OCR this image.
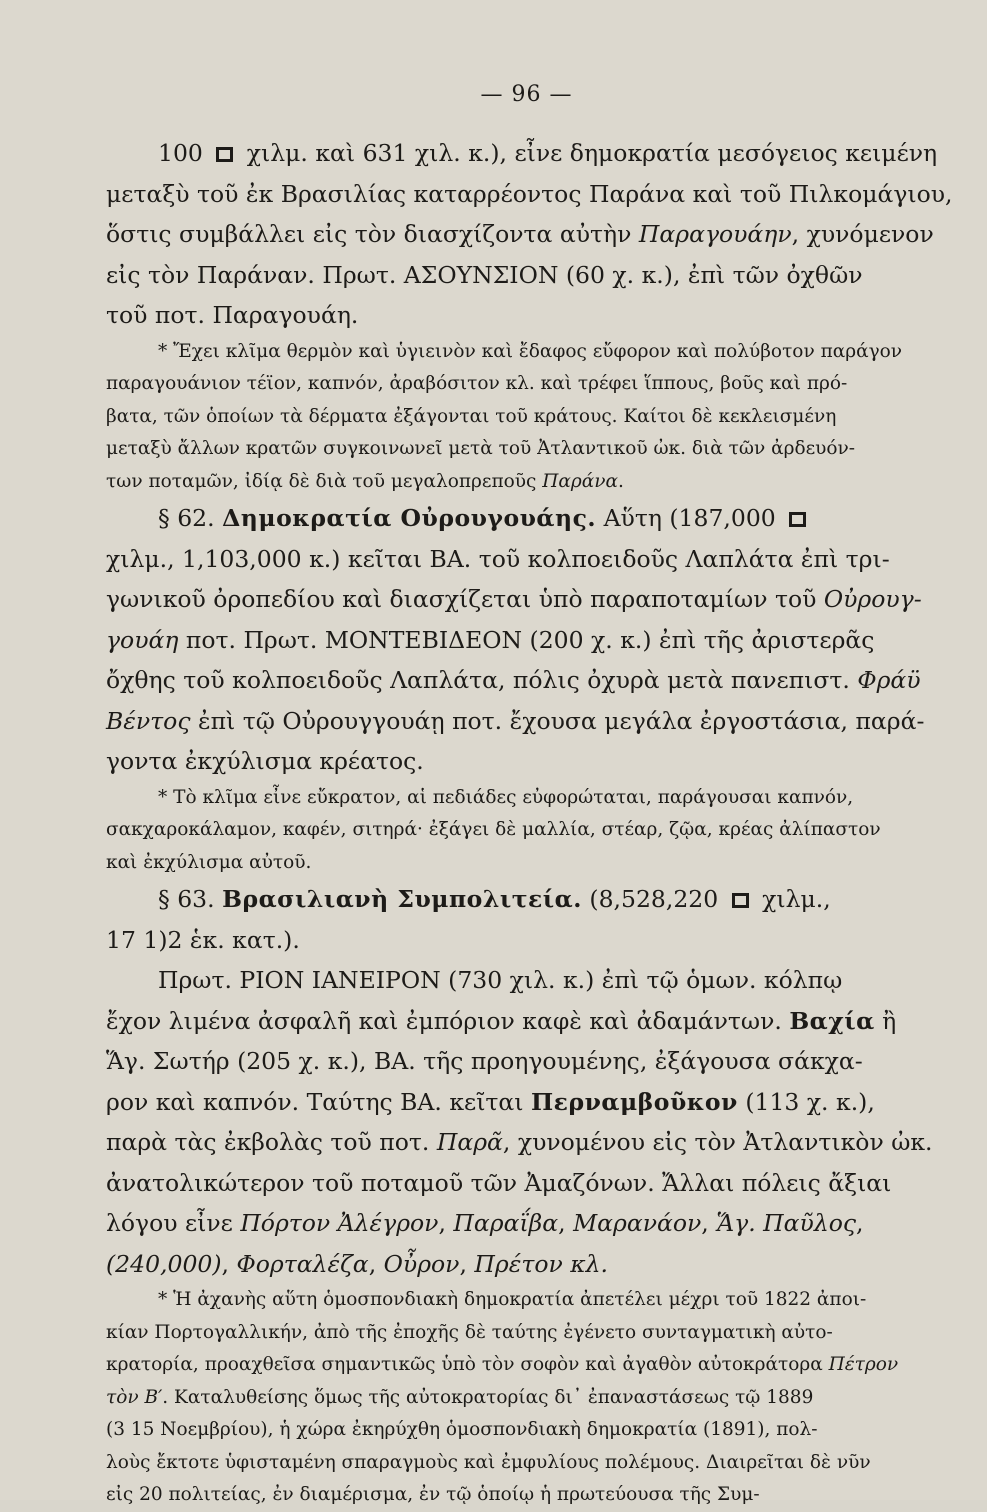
— 96 —
100  χιλμ. καὶ 631 χιλ. κ.), εἶνε δημοκρατία μεσόγειος κειμένη
μεταξὺ τοῦ ἐκ Βρασιλίας καταρρέοντος Παράνα καὶ τοῦ Πιλκομάγιου,
ὅστις συμβάλλει εἰς τὸν διασχίζοντα αὐτὴν Παραγουάην, χυνόμενον
εἰς τὸν Παράναν. Πρωτ. ΑΣΟΥΝΣΙΟΝ (60 χ. κ.), ἐπὶ τῶν ὀχθῶν
τοῦ ποτ. Παραγουάη.
* Ἔχει κλῖμα θερμὸν καὶ ὑγιεινὸν καὶ ἔδαφος εὔφορον καὶ πολύβοτον παράγον
παραγουάνιον τέϊον, καπνόν, ἀραβόσιτον κλ. καὶ τρέφει ἵππους, βοῦς καὶ πρό-
βατα, τῶν ὁποίων τὰ δέρματα ἐξάγονται τοῦ κράτους. Καίτοι δὲ κεκλεισμένη
μεταξὺ ἄλλων κρατῶν συγκοινωνεῖ μετὰ τοῦ Ἀτλαντικοῦ ὠκ. διὰ τῶν ἀρδευόν-
των ποταμῶν, ἰδίᾳ δὲ διὰ τοῦ μεγαλοπρεποῦς Παράνα.
§ 62. Δημοκρατία Οὐρουγουάης. Αὕτη (187,000
χιλμ., 1,103,000 κ.) κεῖται ΒΑ. τοῦ κολποειδοῦς Λαπλάτα ἐπὶ τρι-
γωνικοῦ ὀροπεδίου καὶ διασχίζεται ὑπὸ παραποταμίων τοῦ Οὐρουγ-
γουάη ποτ. Πρωτ. ΜΟΝΤΕΒΙΔΕΟΝ (200 χ. κ.) ἐπὶ τῆς ἀριστερᾶς
ὄχθης τοῦ κολποειδοῦς Λαπλάτα, πόλις ὀχυρὰ μετὰ πανεπιστ. Φράϋ
Βέντος ἐπὶ τῷ Οὐρουγγουάῃ ποτ. ἔχουσα μεγάλα ἐργοστάσια, παρά-
γοντα ἐκχύλισμα κρέατος.
* Τὸ κλῖμα εἶνε εὔκρατον, αἱ πεδιάδες εὐφορώταται, παράγουσαι καπνόν,
σακχαροκάλαμον, καφέν, σιτηρά· ἐξάγει δὲ μαλλία, στέαρ, ζῷα, κρέας ἀλίπαστον
καὶ ἐκχύλισμα αὐτοῦ.
§ 63. Βρασιλιανὴ Συμπολιτεία. (8,528,220  χιλμ.,
17 1)2 ἑκ. κατ.).
Πρωτ. ΡΙΟΝ ΙΑΝΕΙΡΟΝ (730 χιλ. κ.) ἐπὶ τῷ ὁμων. κόλπῳ
ἔχον λιμένα ἀσφαλῆ καὶ ἐμπόριον καφὲ καὶ ἀδαμάντων. Βαχία ἢ
Ἅγ. Σωτήρ (205 χ. κ.), ΒΑ. τῆς προηγουμένης, ἐξάγουσα σάκχα-
ρον καὶ καπνόν. Ταύτης ΒΑ. κεῖται Περναμβοῦκον (113 χ. κ.),
παρὰ τὰς ἐκβολὰς τοῦ ποτ. Παρᾶ, χυνομένου εἰς τὸν Ἀτλαντικὸν ὠκ.
ἀνατολικώτερον τοῦ ποταμοῦ τῶν Ἀμαζόνων. Ἄλλαι πόλεις ἄξιαι
λόγου εἶνε Πόρτον Ἀλέγρον, Παραΐβα, Μαρανάον, Ἅγ. Παῦλος,
(240,000), Φορταλέζα, Οὖρον, Πρέτον κλ.
* Ἡ ἀχανὴς αὕτη ὁμοσπονδιακὴ δημοκρατία ἀπετέλει μέχρι τοῦ 1822 ἀποι-
κίαν Πορτογαλλικήν, ἀπὸ τῆς ἐποχῆς δὲ ταύτης ἐγένετο συνταγματικὴ αὐτο-
κρατορία, προαχθεῖσα σημαντικῶς ὑπὸ τὸν σοφὸν καὶ ἀγαθὸν αὐτοκράτορα Πέτρον
τὸν Β′. Καταλυθείσης ὅμως τῆς αὐτοκρατορίας δι᾿ ἐπαναστάσεως τῷ 1889
(3 15 Νοεμβρίου), ἡ χώρα ἐκηρύχθη ὁμοσπονδιακὴ δημοκρατία (1891), πολ-
λοὺς ἔκτοτε ὑφισταμένη σπαραγμοὺς καὶ ἐμφυλίους πολέμους. Διαιρεῖται δὲ νῦν
εἰς 20 πολιτείας, ἐν διαμέρισμα, ἐν τῷ ὁποίῳ ἡ πρωτεύουσα τῆς Συμ-
